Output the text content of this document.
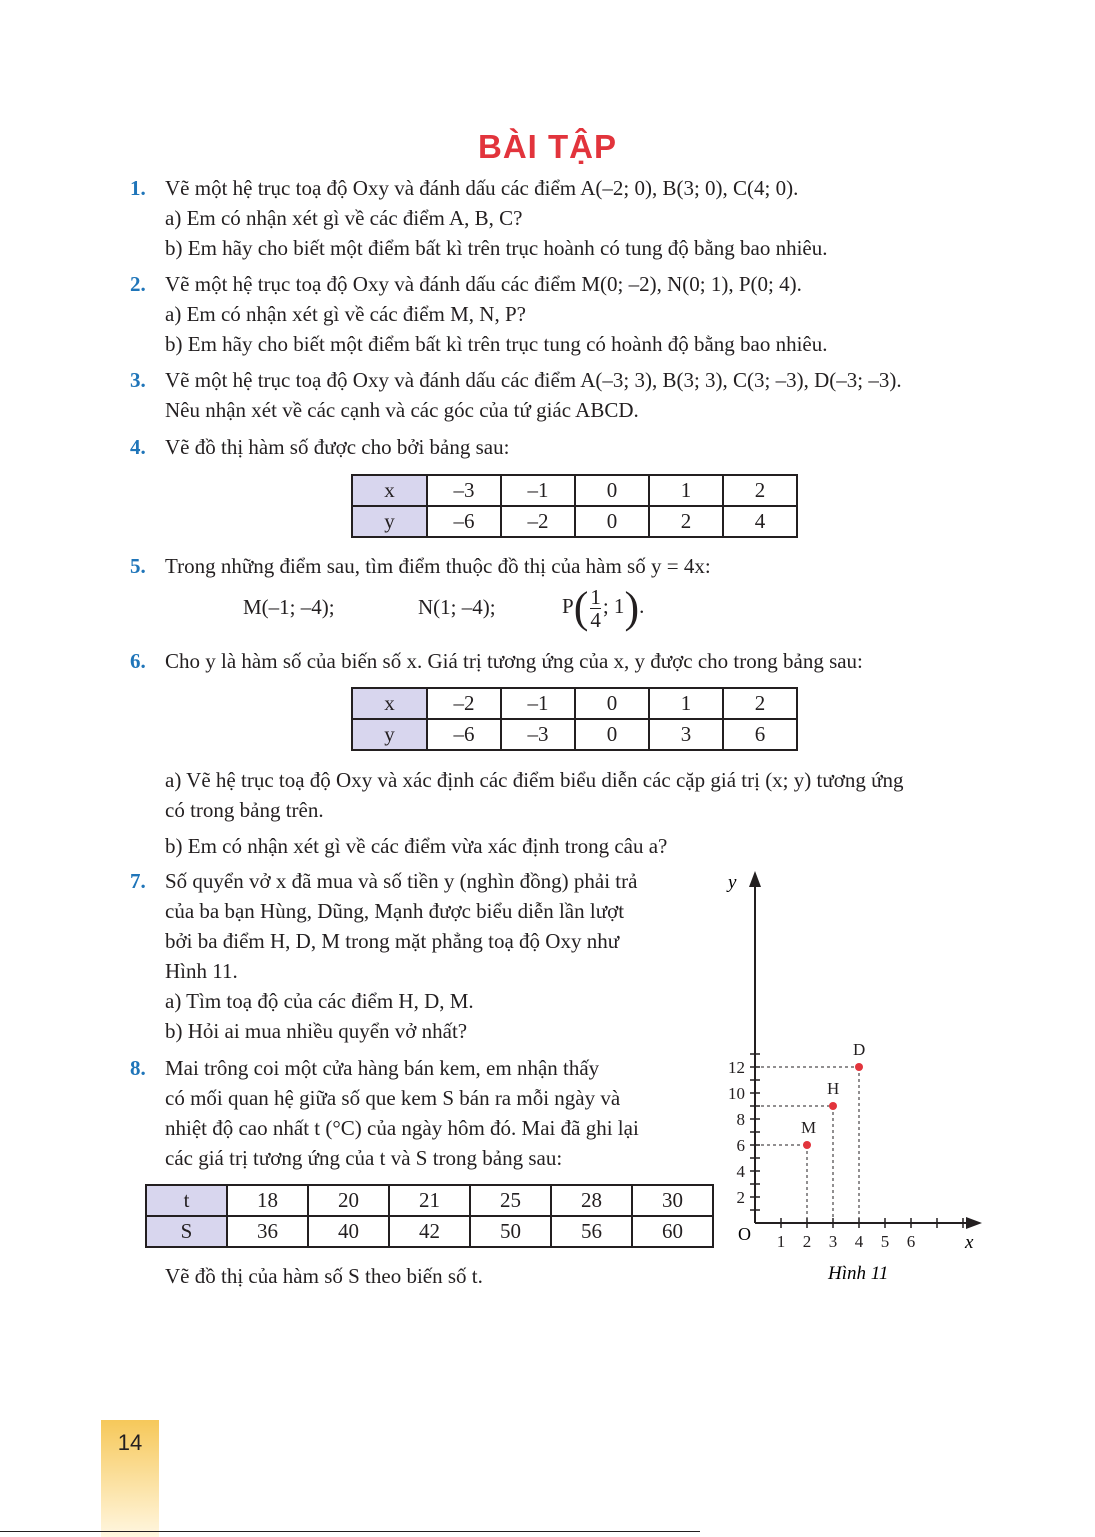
BÀI TẬP
1. Vẽ một hệ trục toạ độ Oxy và đánh dấu các điểm A(–2; 0), B(3; 0), C(4; 0).
a) Em có nhận xét gì về các điểm A, B, C?
b) Em hãy cho biết một điểm bất kì trên trục hoành có tung độ bằng bao nhiêu.
2. Vẽ một hệ trục toạ độ Oxy và đánh dấu các điểm M(0; –2), N(0; 1), P(0; 4).
a) Em có nhận xét gì về các điểm M, N, P?
b) Em hãy cho biết một điểm bất kì trên trục tung có hoành độ bằng bao nhiêu.
3. Vẽ một hệ trục toạ độ Oxy và đánh dấu các điểm A(–3; 3), B(3; 3), C(3; –3), D(–3; –3).
Nêu nhận xét về các cạnh và các góc của tứ giác ABCD.
4. Vẽ đồ thị hàm số được cho bởi bảng sau:
x	–3	–1	0	1	2
y	–6	–2	0	2	4
5. Trong những điểm sau, tìm điểm thuộc đồ thị của hàm số y = 4x:
M(–1; –4);	N(1; –4);	$P( \frac{1}{4}$ ; 1).
6. Cho y là hàm số của biến số x. Giá trị tương ứng của x, y được cho trong bảng sau:
x	–2	–1	0	1	2
y	–6	–3	0	3	6
a) Vẽ hệ trục toạ độ Oxy và xác định các điểm biểu diễn các cặp giá trị (x; y) tương ứng
có trong bảng trên.
b) Em có nhận xét gì về các điểm vừa xác định trong câu a?
7. Số quyển vở x đã mua và số tiền y (nghìn đồng) phải trả
của ba bạn Hùng, Dũng, Mạnh được biểu diễn lần lượt
bởi ba điểm H, D, M trong mặt phẳng toạ độ Oxy như
Hình 11.
a) Tìm toạ độ của các điểm H, D, M.
b) Hỏi ai mua nhiều quyển vở nhất?
8. Mai trông coi một cửa hàng bán kem, em nhận thấy
có mối quan hệ giữa số que kem S bán ra mỗi ngày và
nhiệt độ cao nhất t (°C) của ngày hôm đó. Mai đã ghi lại
các giá trị tương ứng của t và S trong bảng sau:
t	18	20	21	25	28	30
S	36	40	42	50	56	60
Vẽ đồ thị của hàm số S theo biến số t.
1 2 3 4 5 6
2
4
6
8
10
12
M
H
D
y
x
O
Hình 11
14
